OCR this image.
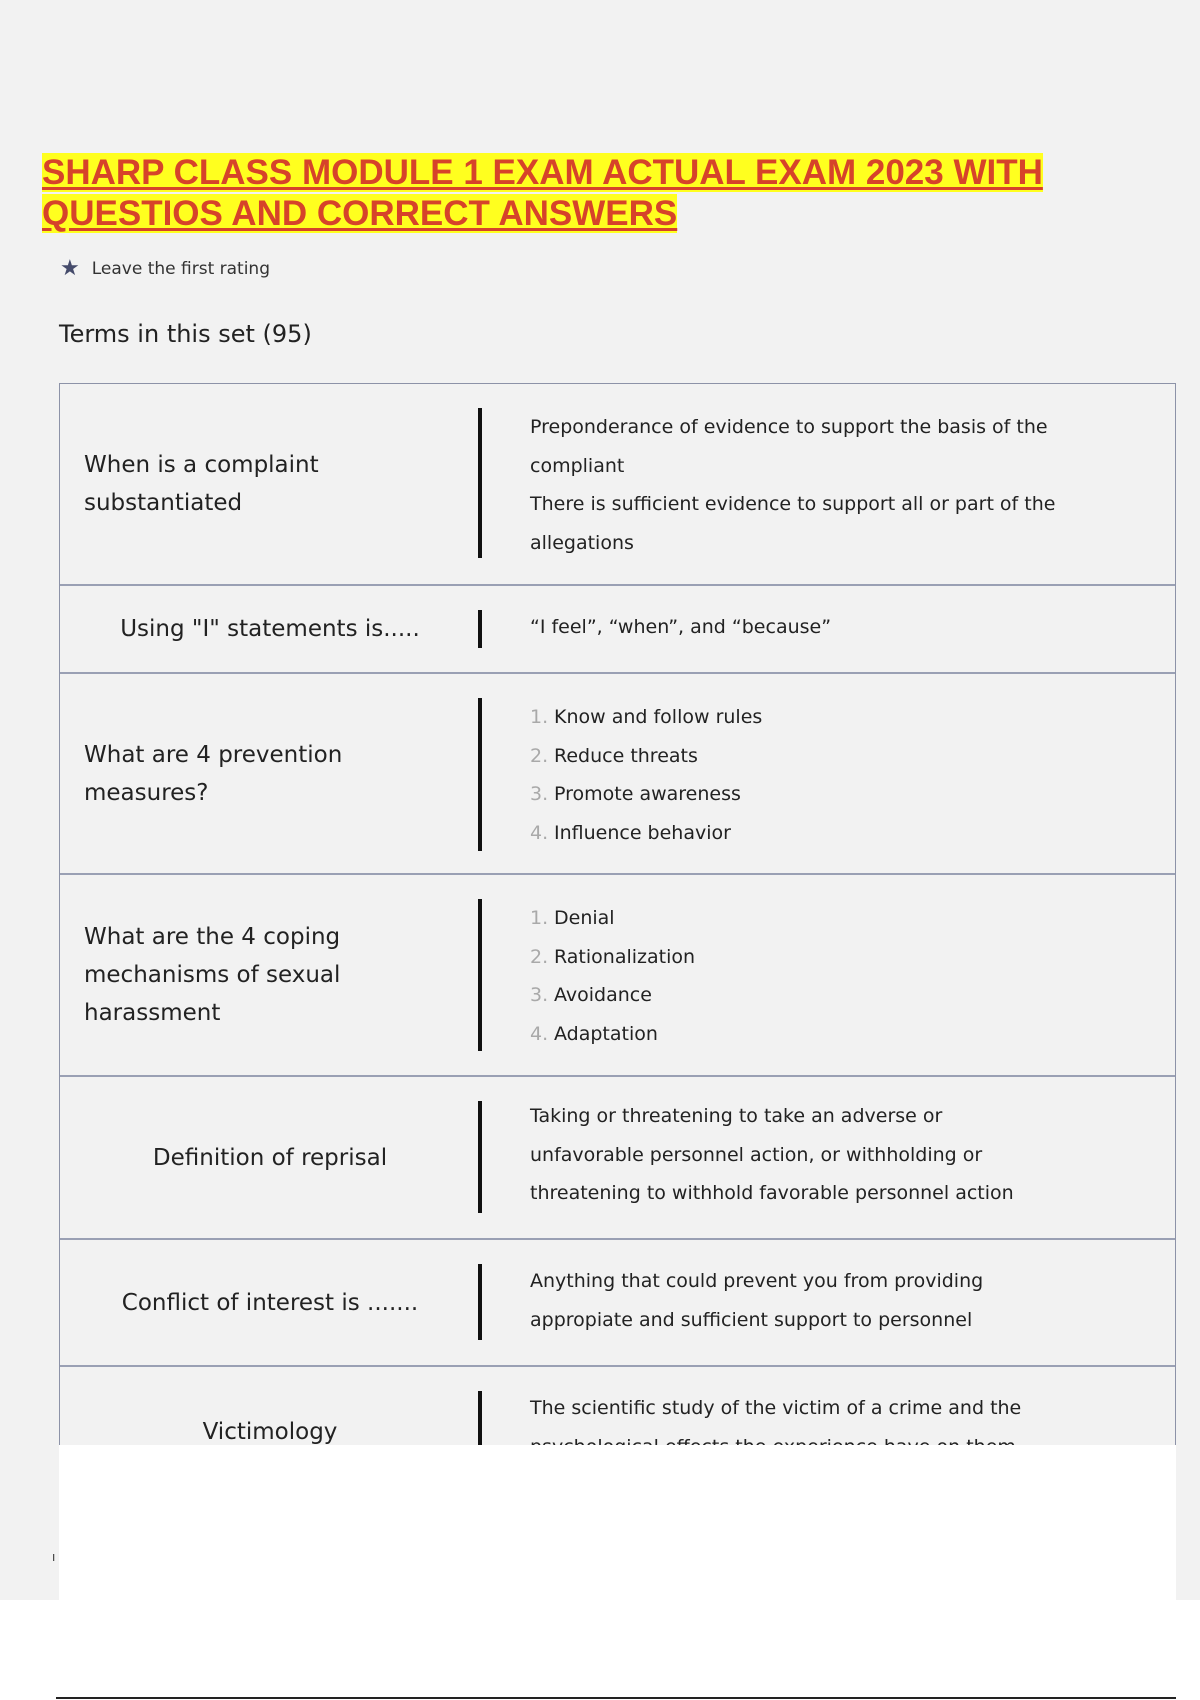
SHARP CLASS MODULE 1 EXAM ACTUAL EXAM 2023 WITH QUESTIOS AND CORRECT ANSWERS
★ Leave the first rating
Terms in this set (95)
When is a complaint substantiated
Preponderance of evidence to support the basis of the compliant
There is sufficient evidence to support all or part of the allegations
Using "I" statements is.....	“I feel”, “when”, and “because”
What are 4 prevention measures?
1. Know and follow rules
2. Reduce threats
3. Promote awareness
4. Influence behavior
What are the 4 coping mechanisms of sexual harassment
1. Denial
2. Rationalization
3. Avoidance
4. Adaptation
Definition of reprisal
Taking or threatening to take an adverse or unfavorable personnel action, or withholding or threatening to withhold favorable personnel action
Conflict of interest is .......
Anything that could prevent you from providing appropiate and sufficient support to personnel
Victimology
The scientific study of the victim of a crime and the
ı
